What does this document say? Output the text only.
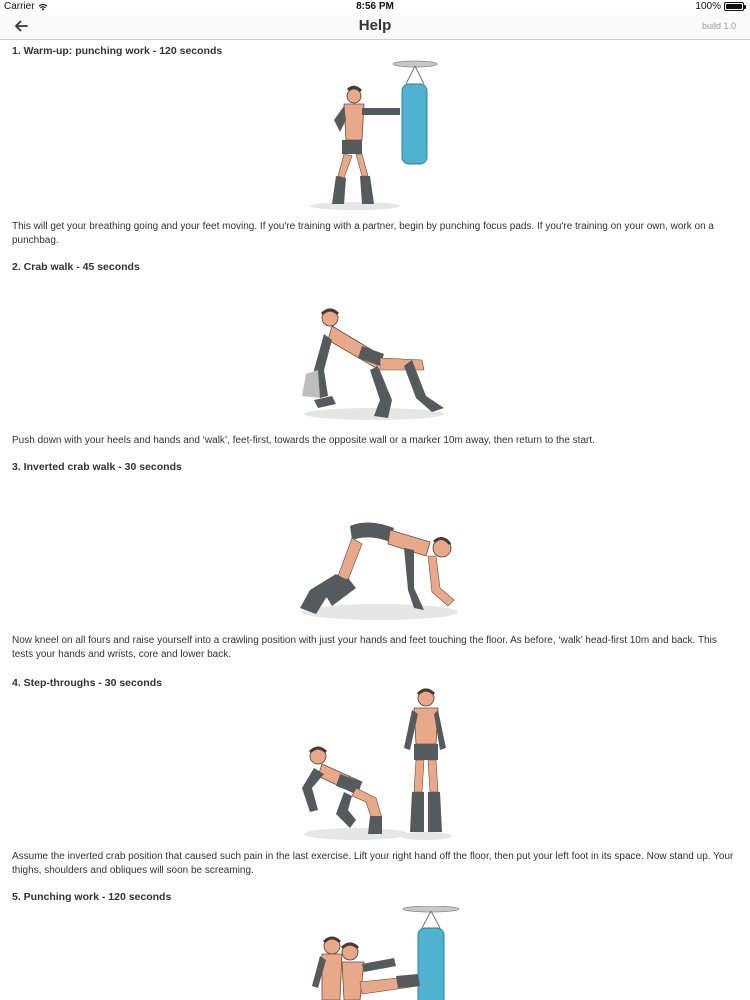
Carrier	8:56 PM	100%
Help	build 1.0
1. Warm-up: punching work - 120 seconds
This will get your breathing going and your feet moving. If you're training with a partner, begin by punching focus pads. If you're training on your own, work on a punchbag.
2. Crab walk - 45 seconds
Push down with your heels and hands and ‘walk’, feet-first, towards the opposite wall or a marker 10m away, then return to the start.
3. Inverted crab walk - 30 seconds
Now kneel on all fours and raise yourself into a crawling position with just your hands and feet touching the floor. As before, ‘walk’ head-first 10m and back. This tests your hands and wrists, core and lower back.
4. Step-throughs - 30 seconds
Assume the inverted crab position that caused such pain in the last exercise. Lift your right hand off the floor, then put your left foot in its space. Now stand up. Your thighs, shoulders and obliques will soon be screaming.
5. Punching work - 120 seconds
